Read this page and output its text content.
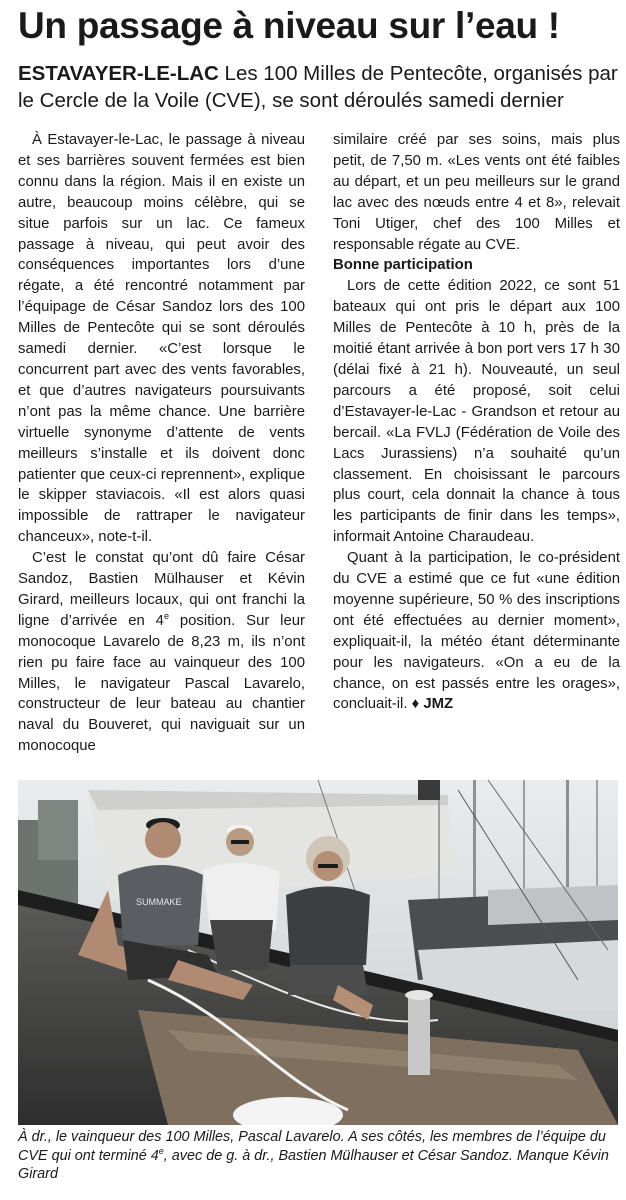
Un passage à niveau sur l’eau !
ESTAVAYER-LE-LAC Les 100 Milles de Pentecôte, organisés par le Cercle de la Voile (CVE), se sont déroulés samedi dernier

À Estavayer-le-Lac, le passage à niveau et ses barrières souvent fermées est bien connu dans la région. Mais il en existe un autre, beaucoup moins célèbre, qui se situe parfois sur un lac. Ce fameux passage à niveau, qui peut avoir des conséquences importantes lors d’une régate, a été rencontré notamment par l’équipage de César Sandoz lors des 100 Milles de Pentecôte qui se sont déroulés samedi dernier. «C’est lorsque le concurrent part avec des vents favorables, et que d’autres navigateurs poursuivants n’ont pas la même chance. Une barrière virtuelle synonyme d’attente de vents meilleurs s’installe et ils doivent donc patienter que ceux-ci reprennent», explique le skipper staviacois. «Il est alors quasi impossible de rattraper le navigateur chanceux», note-t-il.

C’est le constat qu’ont dû faire César Sandoz, Bastien Mülhauser et Kévin Girard, meilleurs locaux, qui ont franchi la ligne d’arrivée en 4e position. Sur leur monocoque Lavarelo de 8,23 m, ils n’ont rien pu faire face au vainqueur des 100 Milles, le navigateur Pascal Lavarelo, constructeur de leur bateau au chantier naval du Bouveret, qui naviguait sur un monocoque

similaire créé par ses soins, mais plus petit, de 7,50 m. «Les vents ont été faibles au départ, et un peu meilleurs sur le grand lac avec des nœuds entre 4 et 8», relevait Toni Utiger, chef des 100 Milles et responsable régate au CVE.

Bonne participation

Lors de cette édition 2022, ce sont 51 bateaux qui ont pris le départ aux 100 Milles de Pentecôte à 10 h, près de la moitié étant arrivée à bon port vers 17 h 30 (délai fixé à 21 h). Nouveauté, un seul parcours a été proposé, soit celui d’Estavayer-le-Lac - Grandson et retour au bercail. «La FVLJ (Fédération de Voile des Lacs Jurassiens) n’a souhaité qu’un classement. En choisissant le parcours plus court, cela donnait la chance à tous les participants de finir dans les temps», informait Antoine Charaudeau.

Quant à la participation, le co-président du CVE a estimé que ce fut «une édition moyenne supérieure, 50 % des inscriptions ont été effectuées au dernier moment», expliquait-il, la météo étant déterminante pour les navigateurs. «On a eu de la chance, on est passés entre les orages», concluait-il. ♦ JMZ

SUMMAKE
À dr., le vainqueur des 100 Milles, Pascal Lavarelo. A ses côtés, les membres de l’équipe du CVE qui ont terminé 4e, avec de g. à dr., Bastien Mülhauser et César Sandoz. Manque Kévin Girard
